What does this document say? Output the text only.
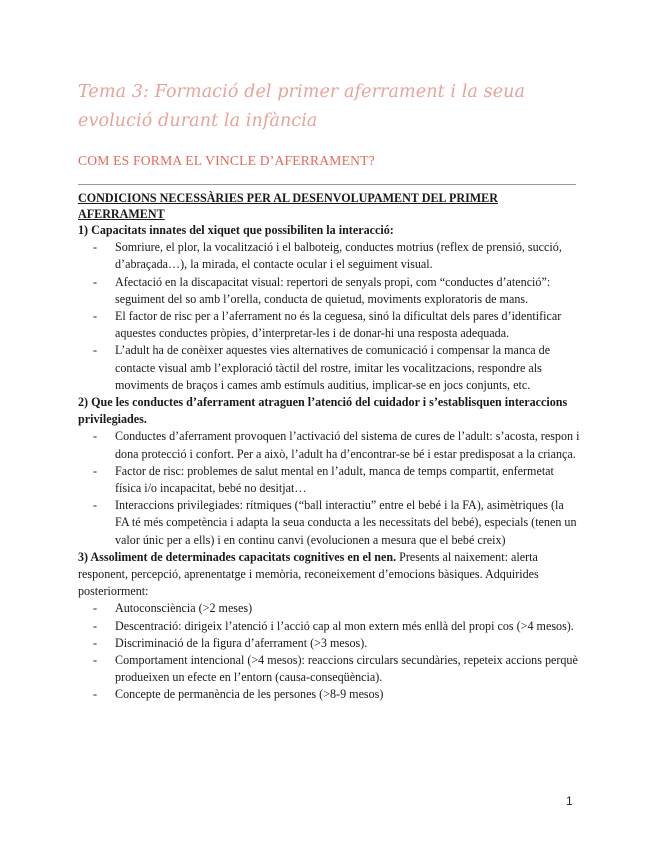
Tema 3: Formació del primer aferrament i la seua evolució durant la infància
COM ES FORMA EL VINCLE D’AFERRAMENT?

CONDICIONS NECESSÀRIES PER AL DESENVOLUPAMENT DEL PRIMER AFERRAMENT

1) Capacitats innates del xiquet que possibiliten la interacció:

- Somriure, el plor, la vocalització i el balboteig, conductes motrius (reflex de prensió, succió, d’abraçada…), la mirada, el contacte ocular i el seguiment visual.
- Afectació en la discapacitat visual: repertori de senyals propi, com “conductes d’atenció”: seguiment del so amb l’orella, conducta de quietud, moviments exploratoris de mans.
- El factor de risc per a l’aferrament no és la ceguesa, sinó la dificultat dels pares d’identificar aquestes conductes pròpies, d’interpretar-les i de donar-hi una resposta adequada.
- L’adult ha de conèixer aquestes vies alternatives de comunicació i compensar la manca de contacte visual amb l’exploració tàctil del rostre, imitar les vocalitzacions, respondre als moviments de braços i cames amb estímuls auditius, implicar-se en jocs conjunts, etc.

2) Que les conductes d’aferrament atraguen l’atenció del cuidador i s’establisquen interaccions privilegiades.

- Conductes d’aferrament provoquen l’activació del sistema de cures de l’adult: s’acosta, respon i dona protecció i confort. Per a això, l’adult ha d’encontrar-se bé i estar predisposat a la criança.
- Factor de risc: problemes de salut mental en l’adult, manca de temps compartit, enfermetat física i/o incapacitat, bebé no desitjat…
- Interaccions privilegiades: rítmiques (“ball interactiu” entre el bebé i la FA), asimètriques (la FA té més competència i adapta la seua conducta a les necessitats del bebé), especials (tenen un valor únic per a ells) i en continu canvi (evolucionen a mesura que el bebé creix)

3) Assoliment de determinades capacitats cognitives en el nen. Presents al naixement: alerta responent, percepció, aprenentatge i memòria, reconeixement d’emocions bàsiques. Adquirides posteriorment:

- Autoconsciència (>2 meses)
- Descentració: dirigeix l’atenció i l’acció cap al mon extern més enllà del propi cos (>4 mesos).
- Discriminació de la figura d’aferrament (>3 mesos).
- Comportament intencional (>4 mesos): reaccions circulars secundàries, repeteix accions perquè produeixen un efecte en l’entorn (causa-conseqüència).
- Concepte de permanència de les persones (>8-9 mesos)
1
